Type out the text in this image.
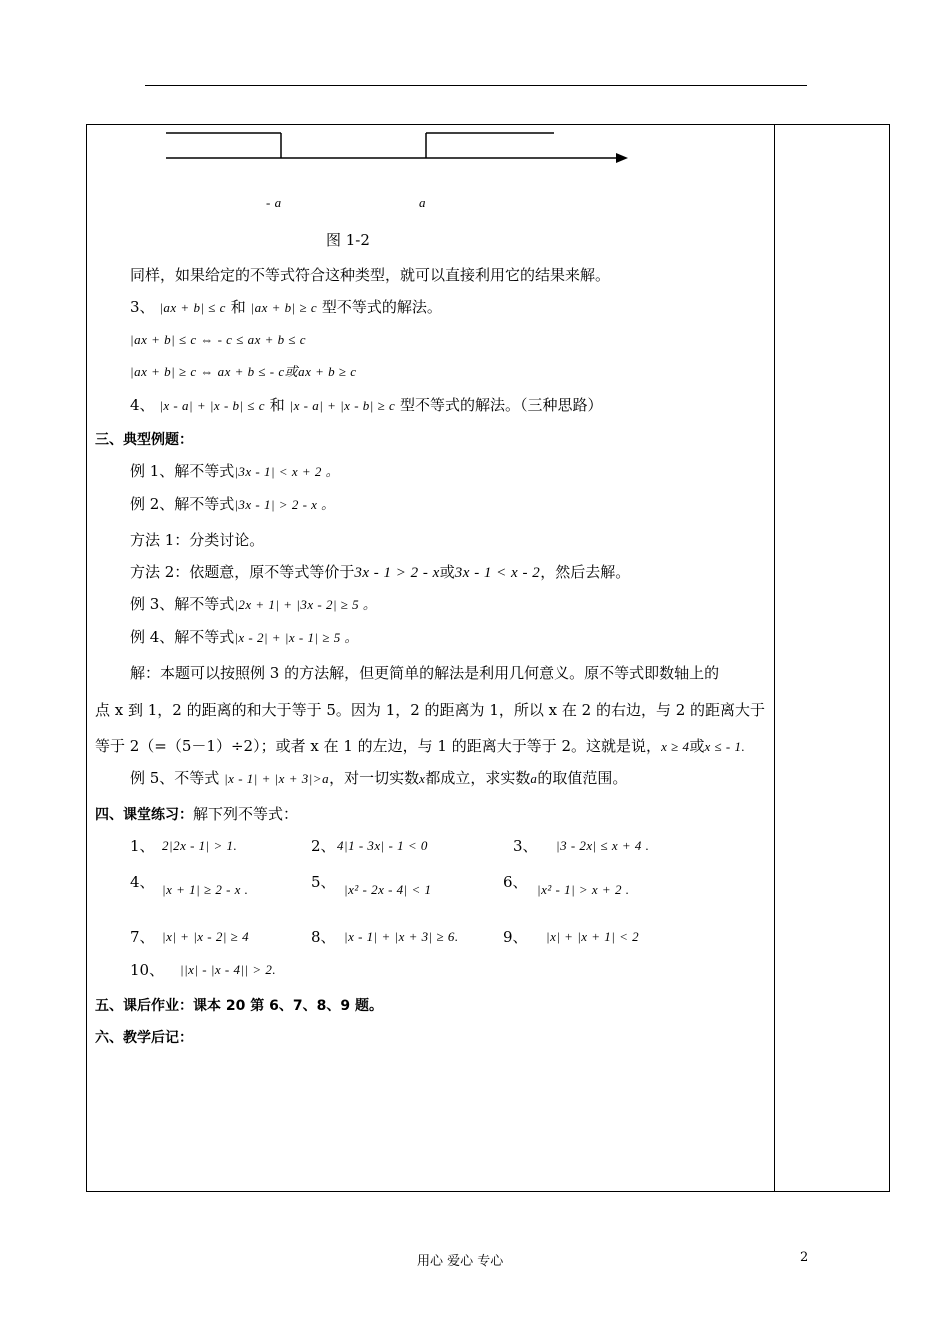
- a	a
图 1-2
同样，如果给定的不等式符合这种类型，就可以直接利用它的结果来解。
3、 |ax + b| ≤ c 和 |ax + b| ≥ c 型不等式的解法。
|ax + b| ≤ c ⇔ - c ≤ ax + b ≤ c
|ax + b| ≥ c ⇔ ax + b ≤ - c或ax + b ≥ c
4、 |x - a| + |x - b| ≤ c 和 |x - a| + |x - b| ≥ c 型不等式的解法。（三种思路）
三、典型例题：
例 1、解不等式|3x - 1| < x + 2 。
例 2、解不等式|3x - 1| > 2 - x 。
方法 1：分类讨论。
方法 2：依题意，原不等式等价于3x - 1 > 2 - x或3x - 1 < x - 2，然后去解。
例 3、解不等式|2x + 1| + |3x - 2| ≥ 5 。
例 4、解不等式|x - 2| + |x - 1| ≥ 5 。
解：本题可以按照例 3 的方法解，但更简单的解法是利用几何意义。原不等式即数轴上的
点 x 到 1，2 的距离的和大于等于 5。因为 1，2 的距离为 1，所以 x 在 2 的右边，与 2 的距离大于
等于 2（=（5－1）÷2）；或者 x 在 1 的左边，与 1 的距离大于等于 2。这就是说，x ≥ 4或x ≤ - 1.
例 5、不等式 |x - 1| + |x + 3|>a，对一切实数x都成立，求实数a的取值范围。
四、课堂练习：解下列不等式：
1、 2|2x - 1| > 1.	2、 4|1 - 3x| - 1 < 0	3、 |3 - 2x| ≤ x + 4 .
4、 |x + 1| ≥ 2 - x .	5、 |x² - 2x - 4| < 1	6、 |x² - 1| > x + 2 .
7、 |x| + |x - 2| ≥ 4	8、 |x - 1| + |x + 3| ≥ 6.	9、 |x| + |x + 1| < 2
10、 ||x| - |x - 4|| > 2.
五、课后作业：课本 20 第 6、7、8、9 题。
六、教学后记：
用心 爱心 专心	2
